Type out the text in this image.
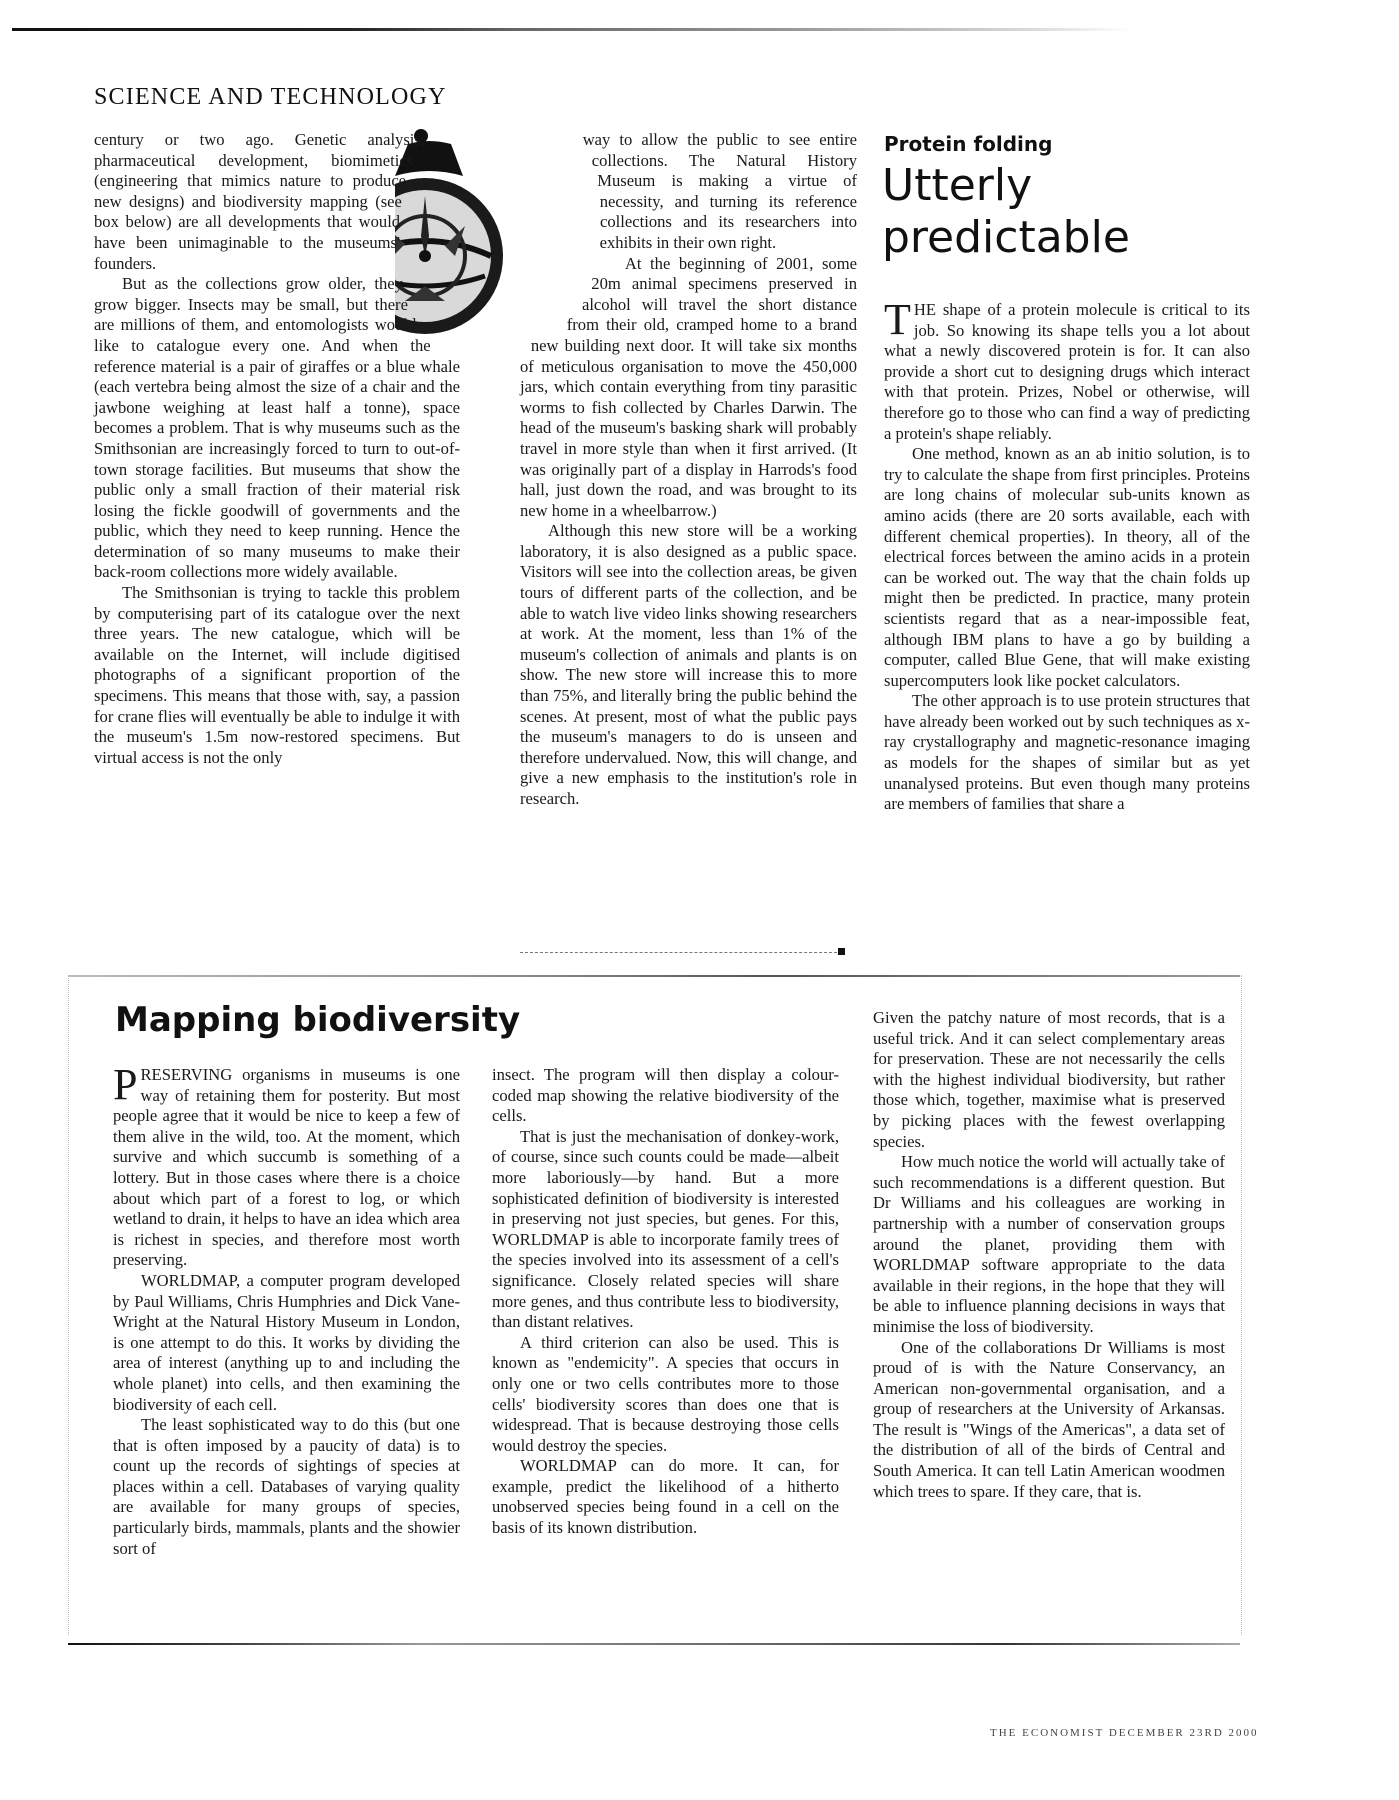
SCIENCE AND TECHNOLOGY

century or two ago. Genetic analysis, pharmaceutical development, biomimetics (engineering that mimics nature to produce new designs) and biodiversity mapping (see box below) are all developments that would have been unimaginable to the museums' founders.

But as the collections grow older, they grow bigger. Insects may be small, but there are millions of them, and entomologists would like to catalogue every one. And when the reference material is a pair of giraffes or a blue whale (each vertebra being almost the size of a chair and the jawbone weighing at least half a tonne), space becomes a problem. That is why museums such as the Smithsonian are increasingly forced to turn to out-of-town storage facilities. But museums that show the public only a small fraction of their material risk losing the fickle goodwill of governments and the public, which they need to keep running. Hence the determination of so many museums to make their back-room collections more widely available.

The Smithsonian is trying to tackle this problem by computerising part of its catalogue over the next three years. The new catalogue, which will be available on the Internet, will include digitised photographs of a significant proportion of the specimens. This means that those with, say, a passion for crane flies will eventually be able to indulge it with the museum's 1.5m now-restored specimens. But virtual access is not the only

way to allow the public to see entire collections. The Natural History Museum is making a virtue of necessity, and turning its reference collections and its researchers into exhibits in their own right.

At the beginning of 2001, some 20m animal specimens preserved in alcohol will travel the short distance from their old, cramped home to a brand new building next door. It will take six months of meticulous organisation to move the 450,000 jars, which contain everything from tiny parasitic worms to fish collected by Charles Darwin. The head of the museum's basking shark will probably travel in more style than when it first arrived. (It was originally part of a display in Harrods's food hall, just down the road, and was brought to its new home in a wheelbarrow.)

Although this new store will be a working laboratory, it is also designed as a public space. Visitors will see into the collection areas, be given tours of different parts of the collection, and be able to watch live video links showing researchers at work. At the moment, less than 1% of the museum's collection of animals and plants is on show. The new store will increase this to more than 75%, and literally bring the public behind the scenes. At present, most of what the public pays the museum's managers to do is unseen and therefore undervalued. Now, this will change, and give a new emphasis to the institution's role in research.

Protein folding
Utterly predictable

THE shape of a protein molecule is critical to its job. So knowing its shape tells you a lot about what a newly discovered protein is for. It can also provide a short cut to designing drugs which interact with that protein. Prizes, Nobel or otherwise, will therefore go to those who can find a way of predicting a protein's shape reliably.

One method, known as an ab initio solution, is to try to calculate the shape from first principles. Proteins are long chains of molecular sub-units known as amino acids (there are 20 sorts available, each with different chemical properties). In theory, all of the electrical forces between the amino acids in a protein can be worked out. The way that the chain folds up might then be predicted. In practice, many protein scientists regard that as a near-impossible feat, although IBM plans to have a go by building a computer, called Blue Gene, that will make existing supercomputers look like pocket calculators.

The other approach is to use protein structures that have already been worked out by such techniques as x-ray crystallography and magnetic-resonance imaging as models for the shapes of similar but as yet unanalysed proteins. But even though many proteins are members of families that share a

Mapping biodiversity

PRESERVING organisms in museums is one way of retaining them for posterity. But most people agree that it would be nice to keep a few of them alive in the wild, too. At the moment, which survive and which succumb is something of a lottery. But in those cases where there is a choice about which part of a forest to log, or which wetland to drain, it helps to have an idea which area is richest in species, and therefore most worth preserving.

WORLDMAP, a computer program developed by Paul Williams, Chris Humphries and Dick Vane-Wright at the Natural History Museum in London, is one attempt to do this. It works by dividing the area of interest (anything up to and including the whole planet) into cells, and then examining the biodiversity of each cell.

The least sophisticated way to do this (but one that is often imposed by a paucity of data) is to count up the records of sightings of species at places within a cell. Databases of varying quality are available for many groups of species, particularly birds, mammals, plants and the showier sort of

insect. The program will then display a colour-coded map showing the relative biodiversity of the cells.

That is just the mechanisation of donkey-work, of course, since such counts could be made—albeit more laboriously—by hand. But a more sophisticated definition of biodiversity is interested in preserving not just species, but genes. For this, WORLDMAP is able to incorporate family trees of the species involved into its assessment of a cell's significance. Closely related species will share more genes, and thus contribute less to biodiversity, than distant relatives.

A third criterion can also be used. This is known as "endemicity". A species that occurs in only one or two cells contributes more to those cells' biodiversity scores than does one that is widespread. That is because destroying those cells would destroy the species.

WORLDMAP can do more. It can, for example, predict the likelihood of a hitherto unobserved species being found in a cell on the basis of its known distribution.

Given the patchy nature of most records, that is a useful trick. And it can select complementary areas for preservation. These are not necessarily the cells with the highest individual biodiversity, but rather those which, together, maximise what is preserved by picking places with the fewest overlapping species.

How much notice the world will actually take of such recommendations is a different question. But Dr Williams and his colleagues are working in partnership with a number of conservation groups around the planet, providing them with WORLDMAP software appropriate to the data available in their regions, in the hope that they will be able to influence planning decisions in ways that minimise the loss of biodiversity.

One of the collaborations Dr Williams is most proud of is with the Nature Conservancy, an American non-governmental organisation, and a group of researchers at the University of Arkansas. The result is "Wings of the Americas", a data set of the distribution of all of the birds of Central and South America. It can tell Latin American woodmen which trees to spare. If they care, that is.

THE ECONOMIST DECEMBER 23RD 2000
